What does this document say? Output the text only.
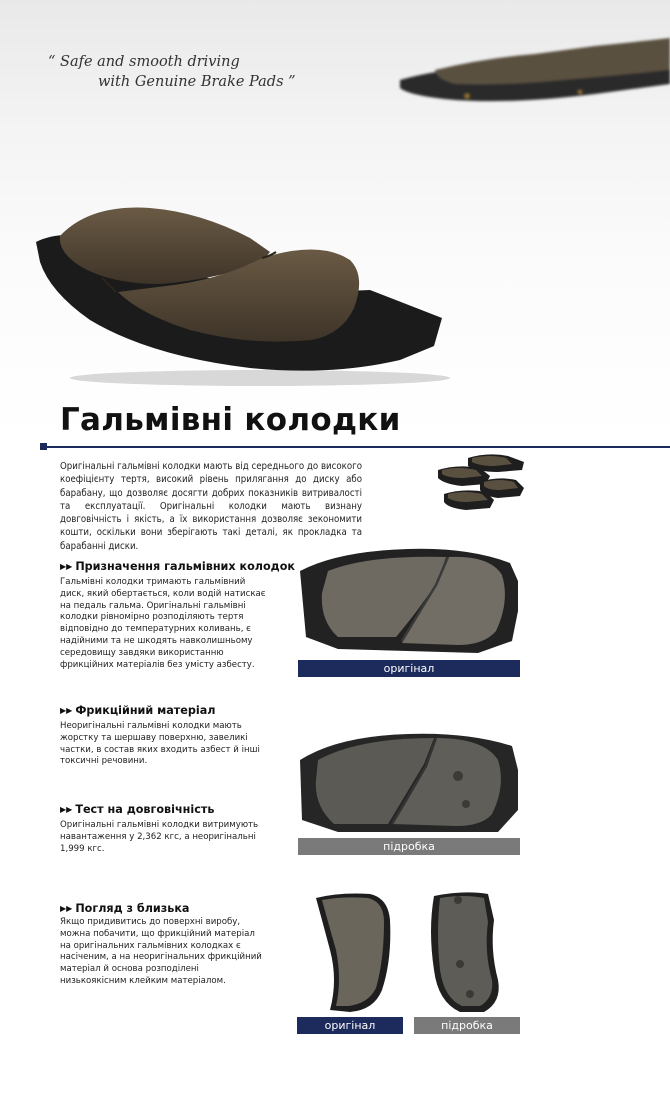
“ Safe and smooth driving
with Genuine Brake Pads ”
Гальмівні колодки
Оригінальні гальмівні колодки мають від середнього до високого коефіцієнту тертя, високий рівень прилягання до диску або барабану, що дозволяє досягти добрих показників витривалості та експлуатації. Оригінальні колодки мають визнану довговічність і якість, а їх використання дозволяє зекономити кошти, оскільки вони зберігають такі деталі, як прокладка та барабанні диски.
▶▶ Призначення гальмівних колодок
Гальмівні колодки тримають гальмівний диск, який обертається, коли водій натискає на педаль гальма. Оригінальні гальмівні колодки рівномірно розподіляють тертя відповідно до температурних коливань, є надійними та не шкодять навколишньому середовищу завдяки використанню фрикційних матеріалів без умісту азбесту.	оригінал
▶▶ Фрикційний матеріал
Неоригінальні гальмівні колодки мають жорстку та шершаву поверхню, завеликі частки, в состав яких входить азбест й інші токсичні речовини.
підробка
▶▶ Тест на довговічність
Оригінальні гальмівні колодки витримують навантаження у 2,362 кгс, а неоригінальні 1,999 кгс.
▶▶ Погляд з близька
Якщо придивитись до поверхні виробу, можна побачити, що фрикційний матеріал на оригінальних гальмівних колодках є насіченим, а на неоригінальних фрикційний матеріал й основа розподілені низькоякісним клейким матеріалом.
оригінал	підробка
